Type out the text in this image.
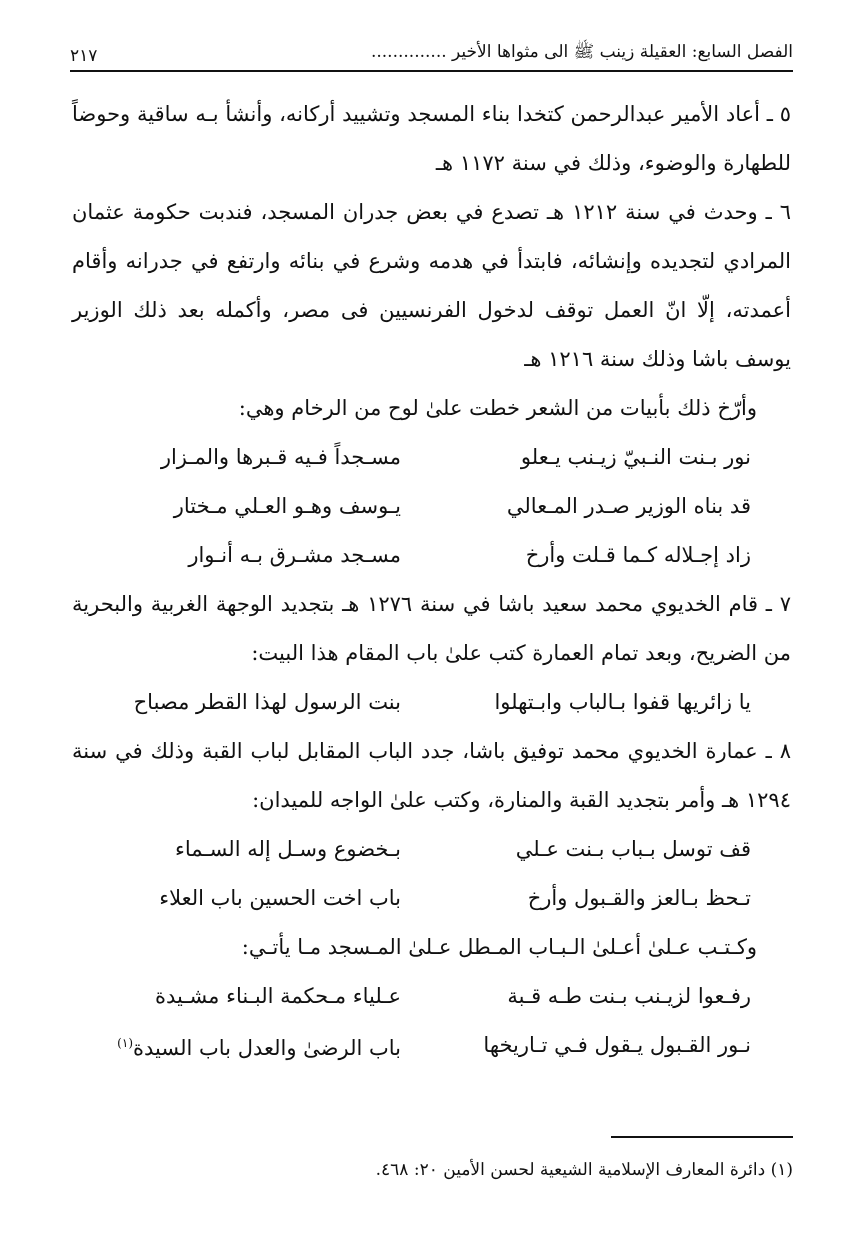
٢١٧	الفصل السابع: العقيلة زينب ﷺ الى مثواها الأخير ..............

٥ ـ أعاد الأمير عبدالرحمن كتخدا بناء المسجد وتشييد أركانه، وأنشأ بـه ساقية وحوضاً للطهارة والوضوء، وذلك في سنة ١١٧٢ هـ

٦ ـ وحدث في سنة ١٢١٢ هـ تصدع في بعض جدران المسجد، فندبت حكومة عثمان المرادي لتجديده وإنشائه، فابتدأ في هدمه وشرع في بنائه وارتفع في جدرانه وأقام أعمدته، إلّا انّ العمل توقف لدخول الفرنسيين فى مصر، وأكمله بعد ذلك الوزير يوسف باشا وذلك سنة ١٢١٦ هـ

وأرّخ ذلك بأبيات من الشعر خطت علىٰ لوح من الرخام وهي:

نور بـنت النـبيّ زيـنب يـعلو
مسـجداً فـيه قـبرها والمـزار
قد بناه الوزير صـدر المـعالي
يـوسف وهـو العـلي مـختار
زاد إجـلاله كـما قـلت وأرخ
مسـجد مشـرق بـه أنـوار

٧ ـ قام الخديوي محمد سعيد باشا في سنة ١٢٧٦ هـ بتجديد الوجهة الغربية والبحرية من الضريح، وبعد تمام العمارة كتب علىٰ باب المقام هذا البيت:

يا زائريها قفوا بـالباب وابـتهلوا
بنت الرسول لهذا القطر مصباح

٨ ـ عمارة الخديوي محمد توفيق باشا، جدد الباب المقابل لباب القبة وذلك في سنة ١٢٩٤ هـ وأمر بتجديد القبة والمنارة، وكتب علىٰ الواجه للميدان:

قف توسل بـباب بـنت عـلي
بـخضوع وسـل إله السـماء
تـحظ بـالعز والقـبول وأرخ
باب اخت الحسين باب العلاء

وكـتـب عـلىٰ أعـلىٰ الـبـاب المـطل عـلىٰ المـسجد مـا يأتـي:

رفـعوا لزيـنب بـنت طـه قـبة
عـلياء مـحكمة البـناء مشـيدة
نـور القـبول يـقول فـي تـاريخها
باب الرضىٰ والعدل باب السيدة$^{(١)}$
(١) دائرة المعارف الإسلامية الشيعية لحسن الأمين ٢٠: ٤٦٨.
